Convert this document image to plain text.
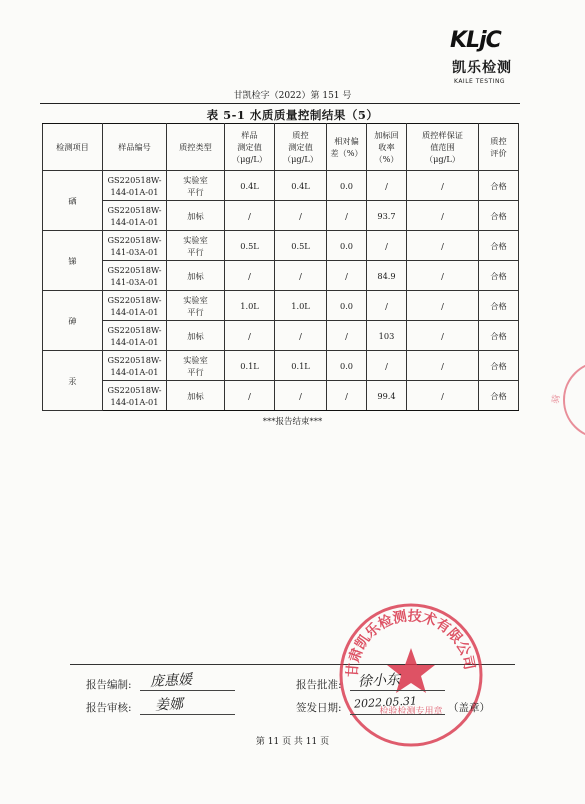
KLjC
凯乐检测
KAILE TESTING
甘凯检字（2022）第 151 号
表 5-1 水质质量控制结果（5）
检测项目	样品编号	质控类型	样品
测定值
（μg/L）	质控
测定值
（μg/L）	相对偏
差（%）	加标回
收率
（%）	质控样保证
值范围
（μg/L）	质控
评价
硒	GS220518W-
144-01A-01	实验室
平行	0.4L	0.4L	0.0	/	/	合格
	GS220518W-
144-01A-01	加标	/	/	/	93.7	/	合格
锑	GS220518W-
141-03A-01	实验室
平行	0.5L	0.5L	0.0	/	/	合格
	GS220518W-
141-03A-01	加标	/	/	/	84.9	/	合格
砷	GS220518W-
144-01A-01	实验室
平行	1.0L	1.0L	0.0	/	/	合格
	GS220518W-
144-01A-01	加标	/	/	/	103	/	合格
汞	GS220518W-
144-01A-01	实验室
平行	0.1L	0.1L	0.0	/	/	合格
	GS220518W-
144-01A-01	加标	/	/	/	99.4	/	合格
***报告结束***
骑
甘肃凯乐检测技术有限公司
检验检测专用章
报告编制: 庞惠媛
报告审核: 姜娜
报告批准: 徐小东
签发日期: 2022.05.31	（盖章）
第 11 页 共 11 页
